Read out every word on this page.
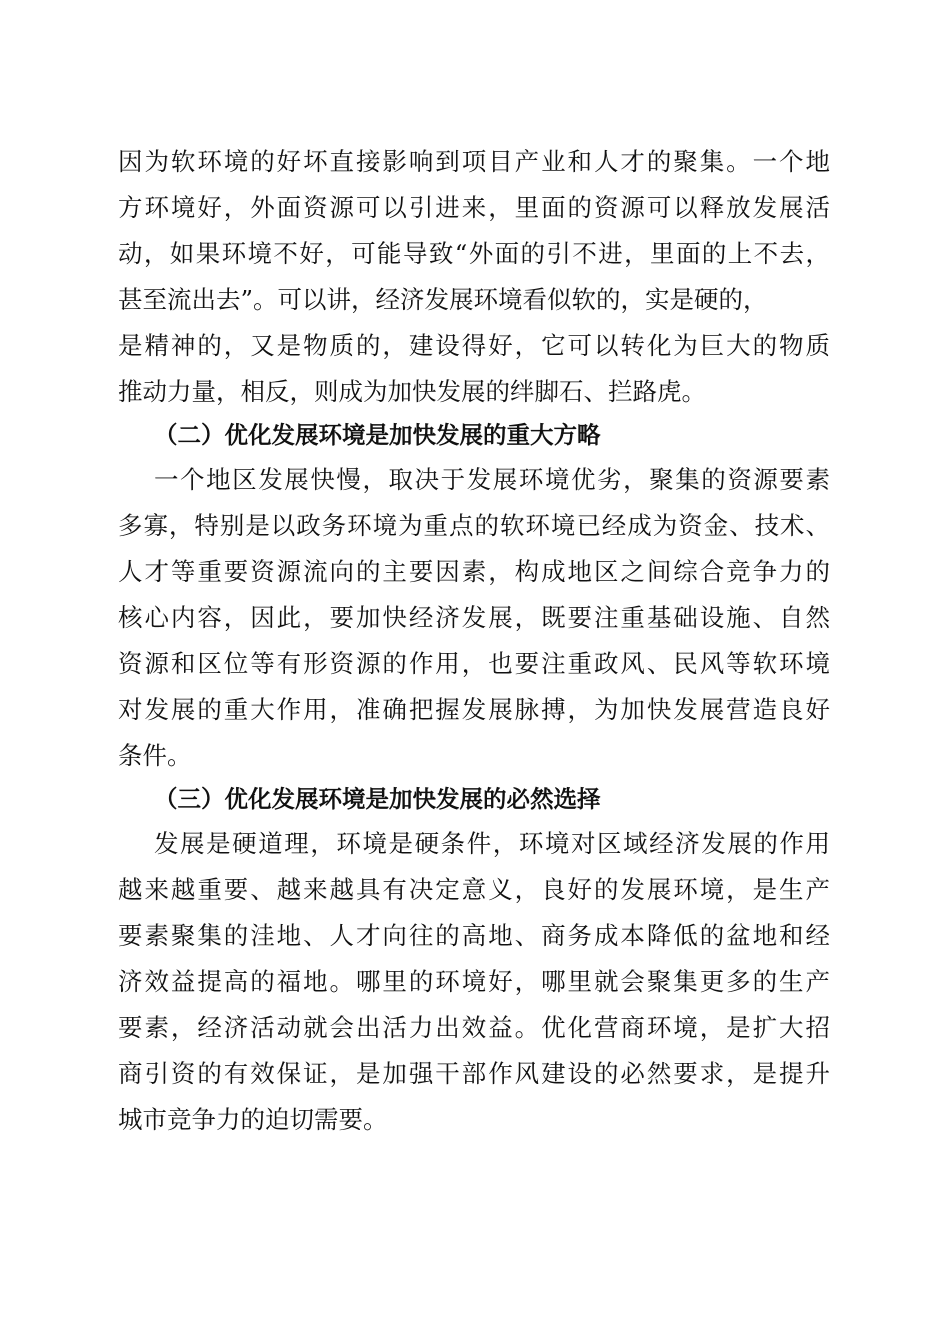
因为软环境的好坏直接影响到项目产业和人才的聚集。一个地
方环境好，外面资源可以引进来，里面的资源可以释放发展活
动，如果环境不好，可能导致“外面的引不进，里面的上不去，
甚至流出去”。可以讲，经济发展环境看似软的，实是硬的，
是精神的，又是物质的，建设得好，它可以转化为巨大的物质
推动力量，相反，则成为加快发展的绊脚石、拦路虎。
（二）优化发展环境是加快发展的重大方略
一个地区发展快慢，取决于发展环境优劣，聚集的资源要素
多寡，特别是以政务环境为重点的软环境已经成为资金、技术、
人才等重要资源流向的主要因素，构成地区之间综合竞争力的
核心内容，因此，要加快经济发展，既要注重基础设施、自然
资源和区位等有形资源的作用，也要注重政风、民风等软环境
对发展的重大作用，准确把握发展脉搏，为加快发展营造良好
条件。
（三）优化发展环境是加快发展的必然选择
发展是硬道理，环境是硬条件，环境对区域经济发展的作用
越来越重要、越来越具有决定意义，良好的发展环境，是生产
要素聚集的洼地、人才向往的高地、商务成本降低的盆地和经
济效益提高的福地。哪里的环境好，哪里就会聚集更多的生产
要素，经济活动就会出活力出效益。优化营商环境，是扩大招
商引资的有效保证，是加强干部作风建设的必然要求，是提升
城市竞争力的迫切需要。
